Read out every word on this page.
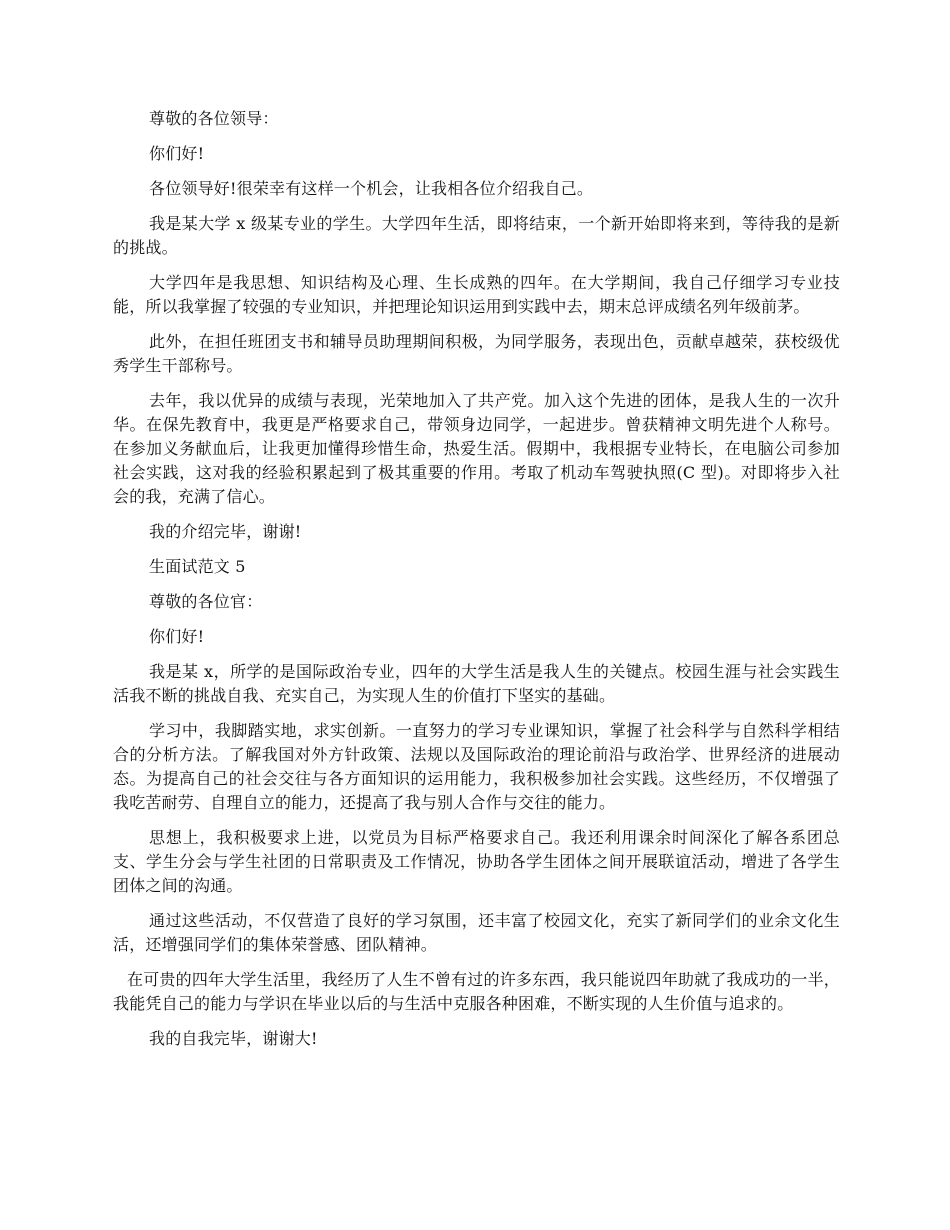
尊敬的各位领导：

你们好!

各位领导好!很荣幸有这样一个机会，让我相各位介绍我自己。

我是某大学 x 级某专业的学生。大学四年生活，即将结束，一个新开始即将来到，等待我的是新的挑战。

大学四年是我思想、知识结构及心理、生长成熟的四年。在大学期间，我自己仔细学习专业技能，所以我掌握了较强的专业知识，并把理论知识运用到实践中去，期末总评成绩名列年级前茅。

此外，在担任班团支书和辅导员助理期间积极，为同学服务，表现出色，贡献卓越荣，获校级优秀学生干部称号。

去年，我以优异的成绩与表现，光荣地加入了共产党。加入这个先进的团体，是我人生的一次升华。在保先教育中，我更是严格要求自己，带领身边同学，一起进步。曾获精神文明先进个人称号。在参加义务献血后，让我更加懂得珍惜生命，热爱生活。假期中，我根据专业特长，在电脑公司参加社会实践，这对我的经验积累起到了极其重要的作用。考取了机动车驾驶执照(C 型)。对即将步入社会的我，充满了信心。

我的介绍完毕，谢谢!

生面试范文 5

尊敬的各位官：

你们好!

我是某 x，所学的是国际政治专业，四年的大学生活是我人生的关键点。校园生涯与社会实践生活我不断的挑战自我、充实自己，为实现人生的价值打下坚实的基础。

学习中，我脚踏实地，求实创新。一直努力的学习专业课知识，掌握了社会科学与自然科学相结合的分析方法。了解我国对外方针政策、法规以及国际政治的理论前沿与政治学、世界经济的进展动态。为提高自己的社会交往与各方面知识的运用能力，我积极参加社会实践。这些经历，不仅增强了我吃苦耐劳、自理自立的能力，还提高了我与别人合作与交往的能力。

思想上，我积极要求上进，以党员为目标严格要求自己。我还利用课余时间深化了解各系团总支、学生分会与学生社团的日常职责及工作情况，协助各学生团体之间开展联谊活动，增进了各学生团体之间的沟通。

通过这些活动，不仅营造了良好的学习氛围，还丰富了校园文化，充实了新同学们的业余文化生活，还增强同学们的集体荣誉感、团队精神。

在可贵的四年大学生活里，我经历了人生不曾有过的许多东西，我只能说四年助就了我成功的一半，我能凭自己的能力与学识在毕业以后的与生活中克服各种困难，不断实现的人生价值与追求的。

我的自我完毕，谢谢大!
